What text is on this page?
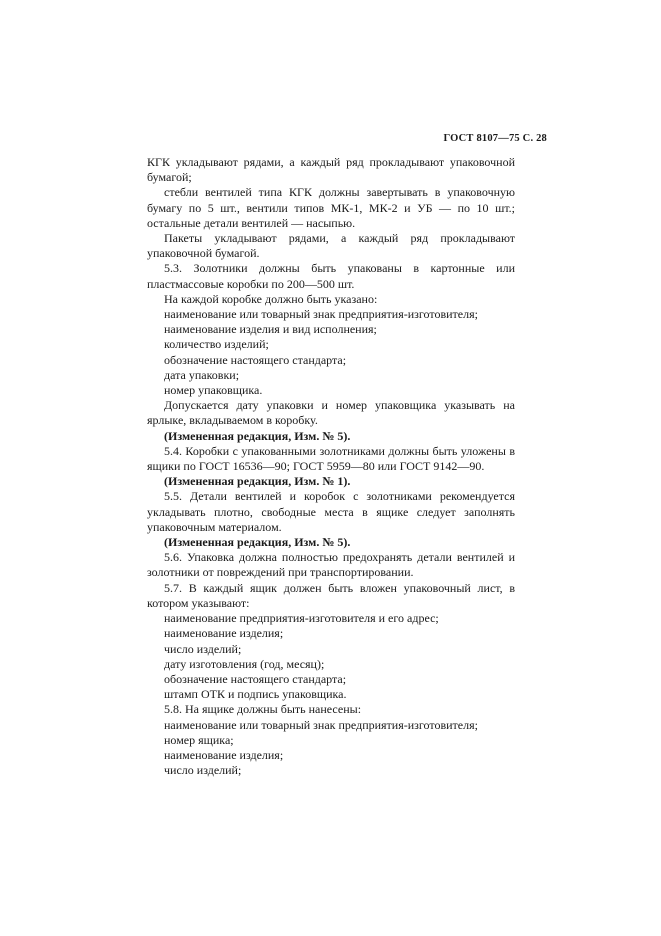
ГОСТ 8107—75 С. 28

КГК укладывают рядами, а каждый ряд прокладывают упаковочной бумагой;

стебли вентилей типа КГК должны завертывать в упаковочную бумагу по 5 шт., вентили типов МК-1, МК-2 и УБ — по 10 шт.; остальные детали вентилей — насыпью.

Пакеты укладывают рядами, а каждый ряд прокладывают упаковочной бумагой.

5.3. Золотники должны быть упакованы в картонные или пластмассовые коробки по 200—500 шт.

На каждой коробке должно быть указано:

наименование или товарный знак предприятия-изготовителя;

наименование изделия и вид исполнения;

количество изделий;

обозначение настоящего стандарта;

дата упаковки;

номер упаковщика.

Допускается дату упаковки и номер упаковщика указывать на ярлыке, вкладываемом в коробку.

(Измененная редакция, Изм. № 5).

5.4. Коробки с упакованными золотниками должны быть уложены в ящики по ГОСТ 16536—90; ГОСТ 5959—80 или ГОСТ 9142—90.

(Измененная редакция, Изм. № 1).

5.5. Детали вентилей и коробок с золотниками рекомендуется укладывать плотно, свободные места в ящике следует заполнять упаковочным материалом.

(Измененная редакция, Изм. № 5).

5.6. Упаковка должна полностью предохранять детали вентилей и золотники от повреждений при транспортировании.

5.7. В каждый ящик должен быть вложен упаковочный лист, в котором указывают:

наименование предприятия-изготовителя и его адрес;

наименование изделия;

число изделий;

дату изготовления (год, месяц);

обозначение настоящего стандарта;

штамп ОТК и подпись упаковщика.

5.8. На ящике должны быть нанесены:

наименование или товарный знак предприятия-изготовителя;

номер ящика;

наименование изделия;

число изделий;
